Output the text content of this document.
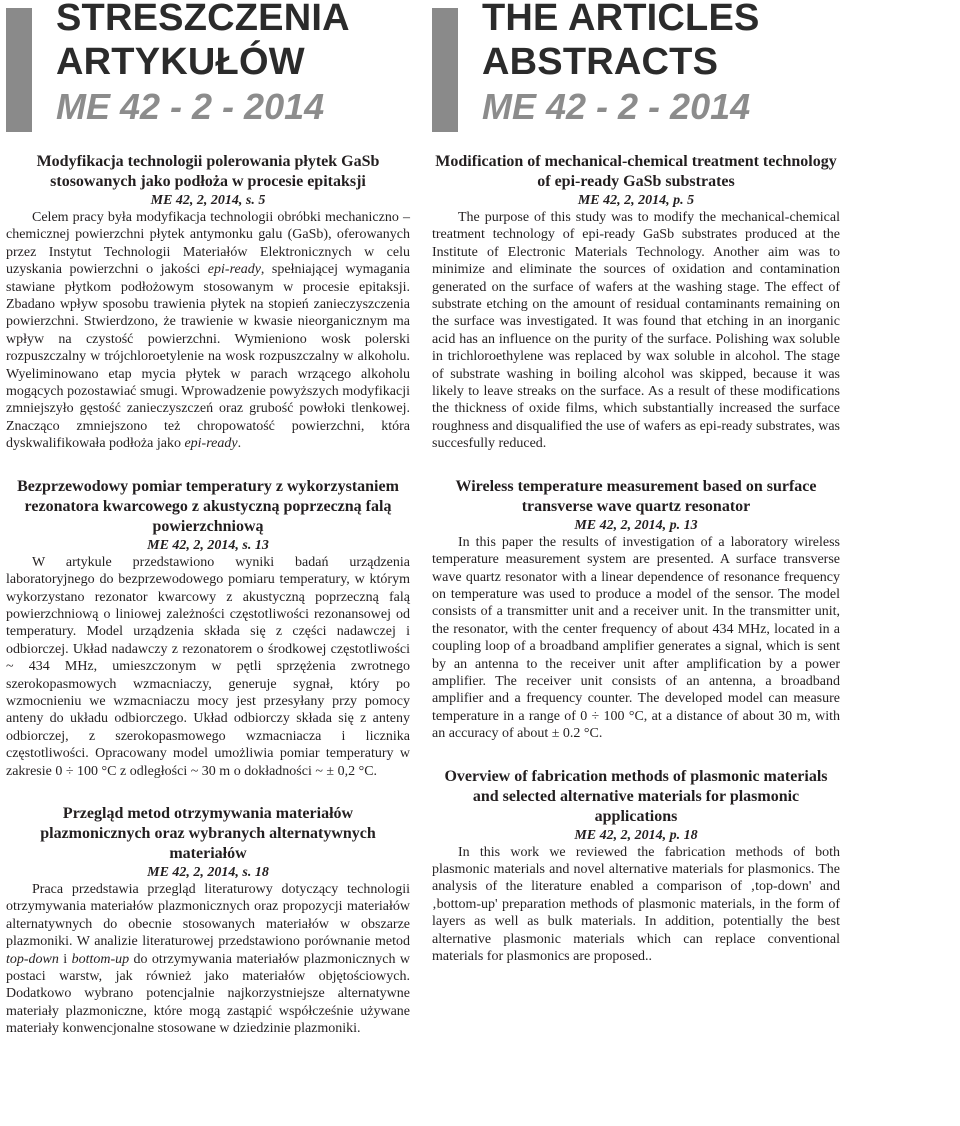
STRESZCZENIA
ARTYKUŁÓW
ME 42 - 2 - 2014

Modyfikacja technologii polerowania płytek GaSb stosowanych jako podłoża w procesie epitaksji

ME 42, 2, 2014, s. 5

Celem pracy była modyfikacja technologii obróbki mechaniczno – chemicznej powierzchni płytek antymonku galu (GaSb), oferowanych przez Instytut Technologii Materiałów Elektronicznych w celu uzyskania powierzchni o jakości epi-ready, spełniającej wymagania stawiane płytkom podłożowym stosowanym w procesie epitaksji. Zbadano wpływ sposobu trawienia płytek na stopień zanieczyszczenia powierzchni. Stwierdzono, że trawienie w kwasie nieorganicznym ma wpływ na czystość powierzchni. Wymieniono wosk polerski rozpuszczalny w trójchloroetylenie na wosk rozpuszczalny w alkoholu. Wyeliminowano etap mycia płytek w parach wrzącego alkoholu mogących pozostawiać smugi. Wprowadzenie powyższych modyfikacji zmniejszyło gęstość zanieczyszczeń oraz grubość powłoki tlenkowej. Znacząco zmniejszono też chropowatość powierzchni, która dyskwalifikowała podłoża jako epi-ready.

Bezprzewodowy pomiar temperatury z wykorzystaniem rezonatora kwarcowego z akustyczną poprzeczną falą powierzchniową

ME 42, 2, 2014, s. 13

W artykule przedstawiono wyniki badań urządzenia laboratoryjnego do bezprzewodowego pomiaru temperatury, w którym wykorzystano rezonator kwarcowy z akustyczną poprzeczną falą powierzchniową o liniowej zależności częstotliwości rezonansowej od temperatury. Model urządzenia składa się z części nadawczej i odbiorczej. Układ nadawczy z rezonatorem o środkowej częstotliwości ~ 434 MHz, umieszczonym w pętli sprzężenia zwrotnego szerokopasmowych wzmacniaczy, generuje sygnał, który po wzmocnieniu we wzmacniaczu mocy jest przesyłany przy pomocy anteny do układu odbiorczego. Układ odbiorczy składa się z anteny odbiorczej, z szerokopasmowego wzmacniacza i licznika częstotliwości. Opracowany model umożliwia pomiar temperatury w zakresie 0 ÷ 100 °C z odległości ~ 30 m o dokładności ~ ± 0,2 °C.

Przegląd metod otrzymywania materiałów plazmonicznych oraz wybranych alternatywnych materiałów

ME 42, 2, 2014, s. 18

Praca przedstawia przegląd literaturowy dotyczący technologii otrzymywania materiałów plazmonicznych oraz propozycji materiałów alternatywnych do obecnie stosowanych materiałów w obszarze plazmoniki. W analizie literaturowej przedstawiono porównanie metod top-down i bottom-up do otrzymywania materiałów plazmonicznych w postaci warstw, jak również jako materiałów objętościowych. Dodatkowo wybrano potencjalnie najkorzystniejsze alternatywne materiały plazmoniczne, które mogą zastąpić współcześnie używane materiały konwencjonalne stosowane w dziedzinie plazmoniki.

THE ARTICLES
ABSTRACTS
ME 42 - 2 - 2014

Modification of mechanical-chemical treatment technology of epi-ready GaSb substrates

ME 42, 2, 2014, p. 5

The purpose of this study was to modify the mechanical-chemical treatment technology of epi-ready GaSb substrates produced at the Institute of Electronic Materials Technology. Another aim was to minimize and eliminate the sources of oxidation and contamination generated on the surface of wafers at the washing stage. The effect of substrate etching on the amount of residual contaminants remaining on the surface was investigated. It was found that etching in an inorganic acid has an influence on the purity of the surface. Polishing wax soluble in trichloroethylene was replaced by wax soluble in alcohol. The stage of substrate washing in boiling alcohol was skipped, because it was likely to leave streaks on the surface. As a result of these modifications the thickness of oxide films, which substantially increased the surface roughness and disqualified the use of wafers as epi-ready substrates, was succesfully reduced.

Wireless temperature measurement based on surface transverse wave quartz resonator

ME 42, 2, 2014, p. 13

In this paper the results of investigation of a laboratory wireless temperature measurement system are presented. A surface transverse wave quartz resonator with a linear dependence of resonance frequency on temperature was used to produce a model of the sensor. The model consists of a transmitter unit and a receiver unit. In the transmitter unit, the resonator, with the center frequency of about 434 MHz, located in a coupling loop of a broadband amplifier generates a signal, which is sent by an antenna to the receiver unit after amplification by a power amplifier. The receiver unit consists of an antenna, a broadband amplifier and a frequency counter. The developed model can measure temperature in a range of 0 ÷ 100 °C, at a distance of about 30 m, with an accuracy of about ± 0.2 °C.

Overview of fabrication methods of plasmonic materials and selected alternative materials for plasmonic applications

ME 42, 2, 2014, p. 18

In this work we reviewed the fabrication methods of both plasmonic materials and novel alternative materials for plasmonics. The analysis of the literature enabled a comparison of ‚top-down' and ‚bottom-up' preparation methods of plasmonic materials, in the form of layers as well as bulk materials. In addition, potentially the best alternative plasmonic materials which can replace conventional materials for plasmonics are proposed..
